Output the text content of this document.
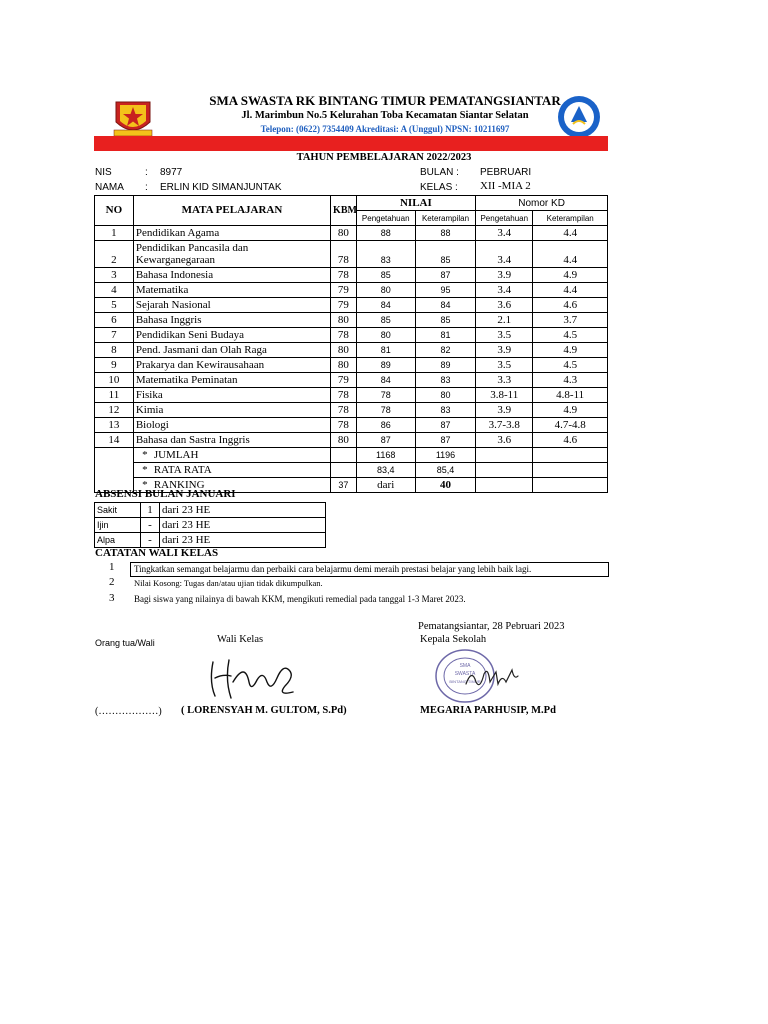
SMA SWASTA RK BINTANG TIMUR PEMATANGSIANTAR
Jl. Marimbun No.5 Kelurahan Toba Kecamatan Siantar Selatan
Telepon: (0622) 7354409 Akreditasi: A (Unggul) NPSN: 10211697
TAHUN PEMBELAJARAN 2022/2023
NIS	: 8977
NAMA : ERLIN KID SIMANJUNTAK
BULAN : PEBRUARI
KELAS : XII -MIA 2
NO	MATA PELAJARAN	KBM	NILAI		Nomor KD	
			Pengetahuan	Keterampilan	Pengetahuan	Keterampilan
1	Pendidikan Agama	80	88	88	3.4	4.4
2	Pendidikan Pancasila dan Kewarganegaraan	78	83	85	3.4	4.4
3	Bahasa Indonesia	78	85	87	3.9	4.9
4	Matematika	79	80	95	3.4	4.4
5	Sejarah Nasional	79	84	84	3.6	4.6
6	Bahasa Inggris	80	85	85	2.1	3.7
7	Pendidikan Seni Budaya	78	80	81	3.5	4.5
8	Pend. Jasmani dan Olah Raga	80	81	82	3.9	4.9
9	Prakarya dan Kewirausahaan	80	89	89	3.5	4.5
10	Matematika Peminatan	79	84	83	3.3	4.3
11	Fisika	78	78	80	3.8-11	4.8-11
12	Kimia	78	78	83	3.9	4.9
13	Biologi	78	86	87	3.7-3.8	4.7-4.8
14	Bahasa dan Sastra Inggris	80	87	87	3.6	4.6
	* JUMLAH		1168	1196		
	* RATA RATA		83,4	85,4		
	* RANKING	37	dari	40		
ABSENSI BULAN JANUARI
Sakit	1	dari 23 HE
Ijin	-	dari 23 HE
Alpa	-	dari 23 HE
CATATAN WALI KELAS
1	Tingkatkan semangat belajarmu dan perbaiki cara belajarmu demi meraih prestasi belajar yang lebih baik lagi.
2 Nilai Kosong: Tugas dan/atau ujian tidak dikumpulkan.
3 Bagi siswa yang nilainya di bawah KKM, mengikuti remedial pada tanggal 1-3 Maret 2023.
Pematangsiantar, 28 Pebruari 2023
Orang tua/Wali	Wali Kelas	Kepala Sekolah
SMA
SWASTA
BINTANG TIMUR
(………………) ( LORENSYAH M. GULTOM, S.Pd)	MEGARIA PARHUSIP, M.Pd
